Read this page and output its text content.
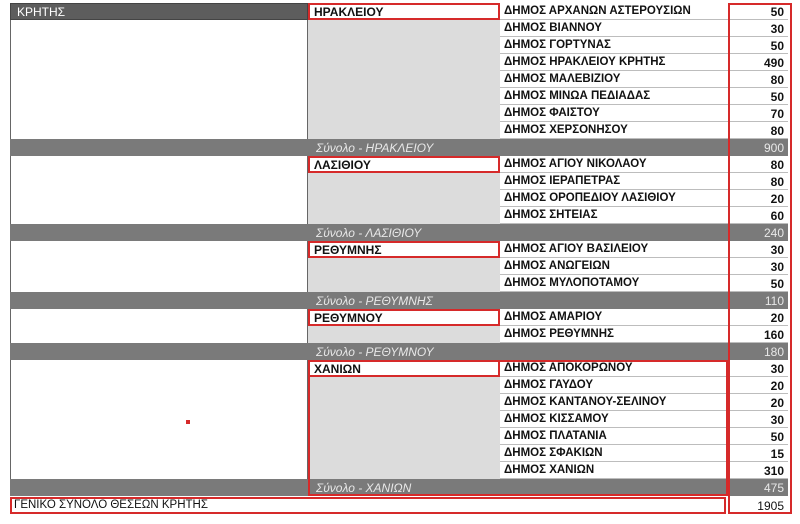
ΚΡΗΤΗΣ	ΗΡΑΚΛΕΙΟΥ	ΔΗΜΟΣ ΑΡΧΑΝΩΝ ΑΣΤΕΡΟΥΣΙΩΝ	50
ΔΗΜΟΣ ΒΙΑΝΝΟΥ	30
ΔΗΜΟΣ ΓΟΡΤΥΝΑΣ	50
ΔΗΜΟΣ ΗΡΑΚΛΕΙΟΥ ΚΡΗΤΗΣ	490
ΔΗΜΟΣ ΜΑΛΕΒΙΖΙΟΥ	80
ΔΗΜΟΣ ΜΙΝΩΑ ΠΕΔΙΑΔΑΣ	50
ΔΗΜΟΣ ΦΑΙΣΤΟΥ	70
ΔΗΜΟΣ ΧΕΡΣΟΝΗΣΟΥ	80
Σύνολο - ΗΡΑΚΛΕΙΟΥ	900
ΛΑΣΙΘΙΟΥ	ΔΗΜΟΣ ΑΓΙΟΥ ΝΙΚΟΛΑΟΥ	80
ΔΗΜΟΣ ΙΕΡΑΠΕΤΡΑΣ	80
ΔΗΜΟΣ ΟΡΟΠΕΔΙΟΥ ΛΑΣΙΘΙΟΥ	20
ΔΗΜΟΣ ΣΗΤΕΙΑΣ	60
Σύνολο - ΛΑΣΙΘΙΟΥ	240
ΡΕΘΥΜΝΗΣ	ΔΗΜΟΣ ΑΓΙΟΥ ΒΑΣΙΛΕΙΟΥ	30
ΔΗΜΟΣ ΑΝΩΓΕΙΩΝ	30
ΔΗΜΟΣ ΜΥΛΟΠΟΤΑΜΟΥ	50
Σύνολο - ΡΕΘΥΜΝΗΣ	110
ΡΕΘΥΜΝΟΥ	ΔΗΜΟΣ ΑΜΑΡΙΟΥ	20
ΔΗΜΟΣ ΡΕΘΥΜΝΗΣ	160
Σύνολο - ΡΕΘΥΜΝΟΥ	180
ΧΑΝΙΩΝ	ΔΗΜΟΣ ΑΠΟΚΟΡΩΝΟΥ	30
ΔΗΜΟΣ ΓΑΥΔΟΥ	20
ΔΗΜΟΣ ΚΑΝΤΑΝΟΥ-ΣΕΛΙΝΟΥ	20
ΔΗΜΟΣ ΚΙΣΣΑΜΟΥ	30
ΔΗΜΟΣ ΠΛΑΤΑΝΙΑ	50
ΔΗΜΟΣ ΣΦΑΚΙΩΝ	15
ΔΗΜΟΣ ΧΑΝΙΩΝ	310
Σύνολο - ΧΑΝΙΩΝ	475
ΓΕΝΙΚΟ ΣΥΝΟΛΟ ΘΕΣΕΩΝ ΚΡΗΤΗΣ	1905
